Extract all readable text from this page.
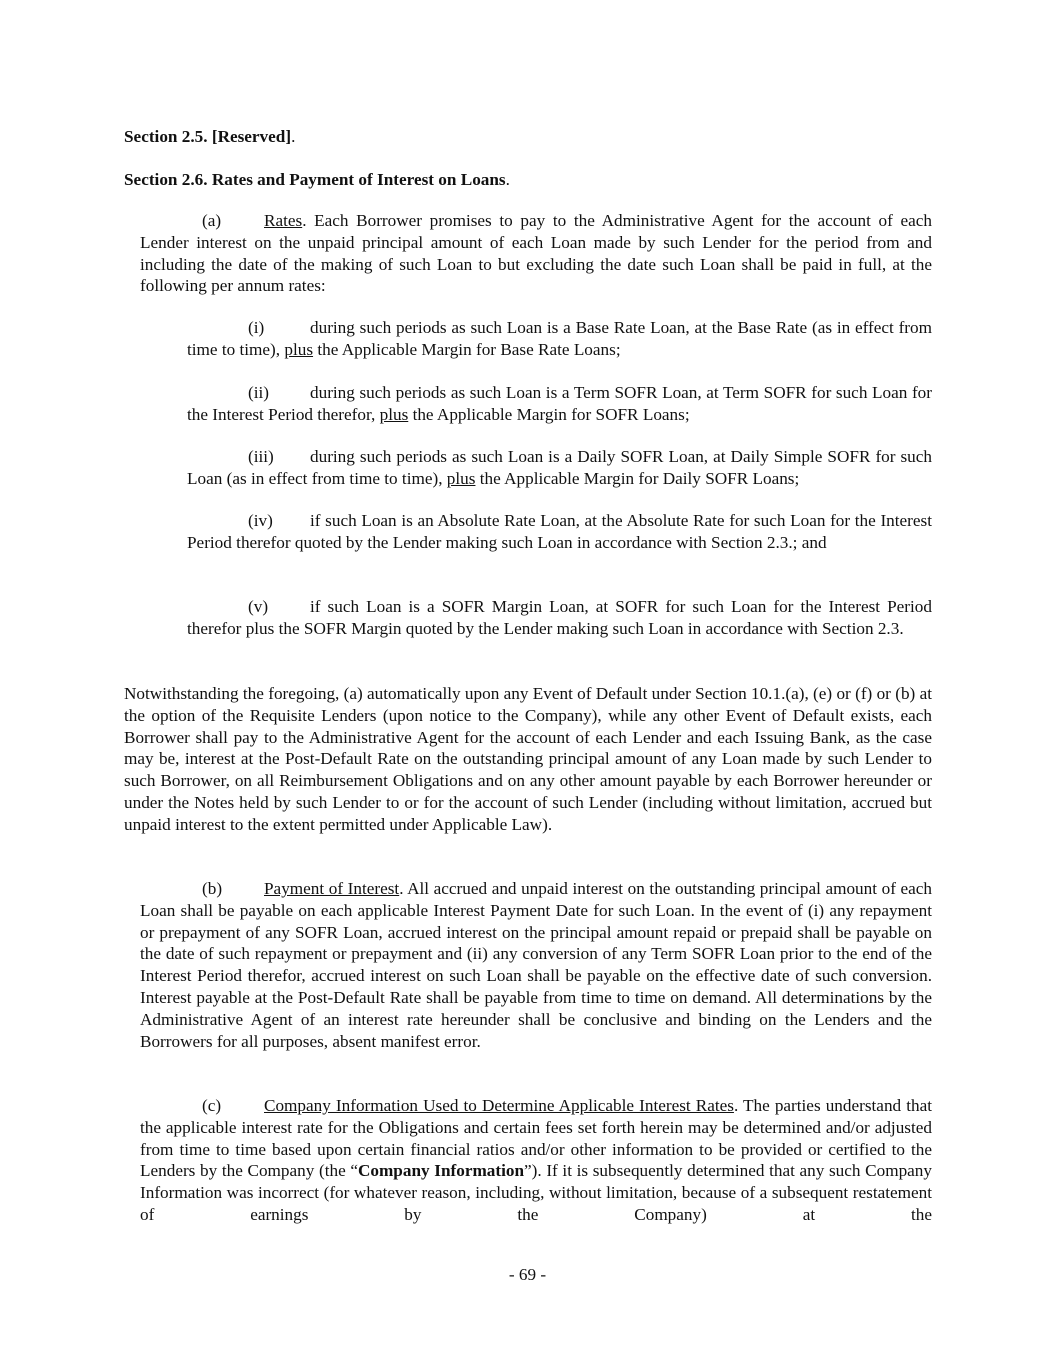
Section 2.5. [Reserved].
Section 2.6. Rates and Payment of Interest on Loans.

(a) Rates. Each Borrower promises to pay to the Administrative Agent for the account of each Lender interest on the unpaid principal amount of each Loan made by such Lender for the period from and including the date of the making of such Loan to but excluding the date such Loan shall be paid in full, at the following per annum rates:

(i)	during such periods as such Loan is a Base Rate Loan, at the Base Rate (as in effect from time to time), plus the Applicable Margin for Base Rate Loans;

(ii) during such periods as such Loan is a Term SOFR Loan, at Term SOFR for such Loan for the Interest Period therefor, plus the Applicable Margin for SOFR Loans;

(iii) during such periods as such Loan is a Daily SOFR Loan, at Daily Simple SOFR for such Loan (as in effect from time to time), plus the Applicable Margin for Daily SOFR Loans;

(iv) if such Loan is an Absolute Rate Loan, at the Absolute Rate for such Loan for the Interest Period therefor quoted by the Lender making such Loan in accordance with Section 2.3.; and

(v) if such Loan is a SOFR Margin Loan, at SOFR for such Loan for the Interest Period therefor plus the SOFR Margin quoted by the Lender making such Loan in accordance with Section 2.3.

Notwithstanding the foregoing, (a) automatically upon any Event of Default under Section 10.1.(a), (e) or (f) or (b) at the option of the Requisite Lenders (upon notice to the Company), while any other Event of Default exists, each Borrower shall pay to the Administrative Agent for the account of each Lender and each Issuing Bank, as the case may be, interest at the Post-Default Rate on the outstanding principal amount of any Loan made by such Lender to such Borrower, on all Reimbursement Obligations and on any other amount payable by each Borrower hereunder or under the Notes held by such Lender to or for the account of such Lender (including without limitation, accrued but unpaid interest to the extent permitted under Applicable Law).

(b) Payment of Interest. All accrued and unpaid interest on the outstanding principal amount of each Loan shall be payable on each applicable Interest Payment Date for such Loan. In the event of (i) any repayment or prepayment of any SOFR Loan, accrued interest on the principal amount repaid or prepaid shall be payable on the date of such repayment or prepayment and (ii) any conversion of any Term SOFR Loan prior to the end of the Interest Period therefor, accrued interest on such Loan shall be payable on the effective date of such conversion. Interest payable at the Post-Default Rate shall be payable from time to time on demand. All determinations by the Administrative Agent of an interest rate hereunder shall be conclusive and binding on the Lenders and the Borrowers for all purposes, absent manifest error.

(c) Company Information Used to Determine Applicable Interest Rates. The parties understand that the applicable interest rate for the Obligations and certain fees set forth herein may be determined and/or adjusted from time to time based upon certain financial ratios and/or other information to be provided or certified to the Lenders by the Company (the “Company Information”). If it is subsequently determined that any such Company Information was incorrect (for whatever reason, including, without limitation, because of a subsequent restatement of earnings by the Company) at the

- 69 -
